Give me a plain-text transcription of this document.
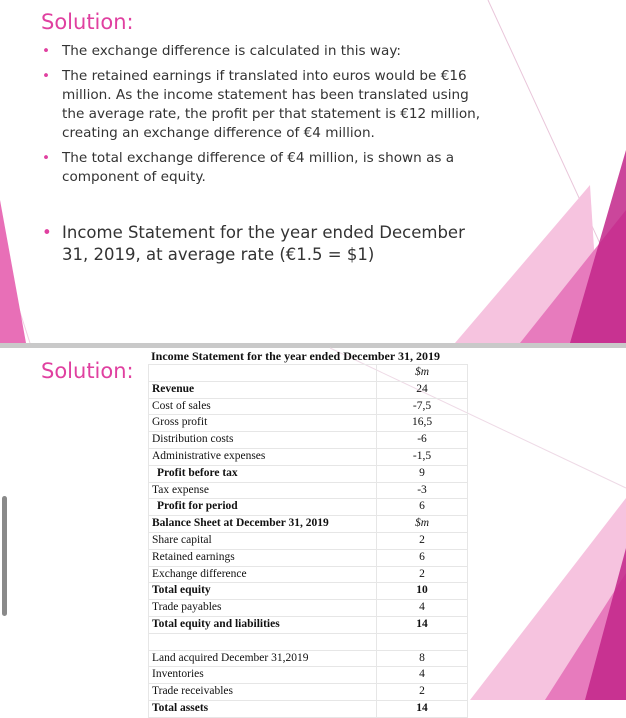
Solution:
• The exchange difference is calculated in this way:
• The retained earnings if translated into euros would be €16 million. As the income statement has been translated using the average rate, the profit per that statement is €12 million, creating an exchange difference of €4 million.
• The total exchange difference of €4 million, is shown as a component of equity.
• Income Statement for the year ended December 31, 2019, at average rate (€1.5 = $1)
Solution:
Income Statement for the year ended December 31, 2019
	$m
Revenue	24
Cost of sales	-7,5
Gross profit	16,5
Distribution costs	-6
Administrative expenses	-1,5
Profit before tax	9
Tax expense	-3
Profit for period	6
Balance Sheet at December 31, 2019	$m
Share capital	2
Retained earnings	6
Exchange difference	2
Total equity	10
Trade payables	4
Total equity and liabilities	14

Land acquired December 31,2019	8
Inventories	4
Trade receivables	2
Total assets	14
